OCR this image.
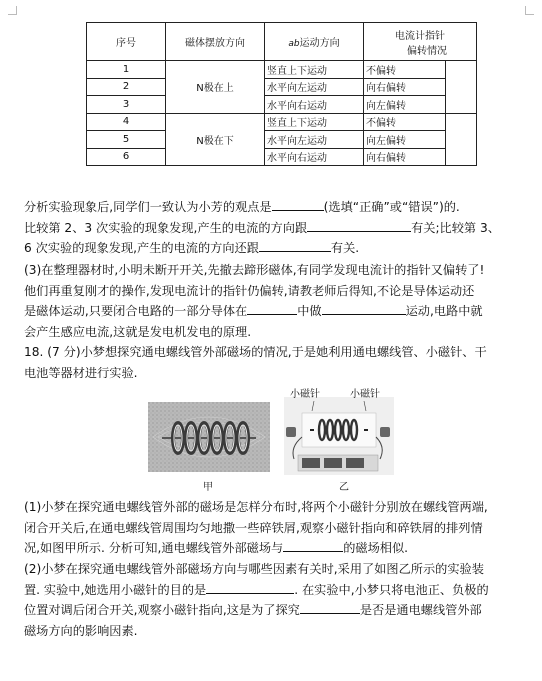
序号	磁体摆放方向	ab运动方向	电流计指针
偏转情况	

1	N极在上	竖直上下运动	不偏转	
2		水平向左运动	向右偏转	
3		水平向右运动	向左偏转	
4	N极在下	竖直上下运动	不偏转	
5		水平向左运动	向左偏转	
6		水平向右运动	向右偏转	
分析实验现象后,同学们一致认为小芳的观点是	(选填“正确”或“错误”)的.
比较第 2、3 次实验的现象发现,产生的电流的方向跟	有关;比较第 3、
6 次实验的现象发现,产生的电流的方向还跟	有关.
(3)在整理器材时,小明未断开开关,先撤去蹄形磁体,有同学发现电流计的指针又偏转了!
他们再重复刚才的操作,发现电流计的指针仍偏转,请教老师后得知,不论是导体运动还
是磁体运动,只要闭合电路的一部分导体在	中做	运动,电路中就
会产生感应电流,这就是发电机发电的原理.
18. (7 分)小梦想探究通电螺线管外部磁场的情况,于是她利用通电螺线管、小磁针、干
电池等器材进行实验.
甲
小磁针	小磁针
乙
(1)小梦在探究通电螺线管外部的磁场是怎样分布时,将两个小磁针分别放在螺线管两端,
闭合开关后,在通电螺线管周围均匀地撒一些碎铁屑,观察小磁针指向和碎铁屑的排列情
况,如图甲所示. 分析可知,通电螺线管外部磁场与	的磁场相似.
(2)小梦在探究通电螺线管外部磁场方向与哪些因素有关时,采用了如图乙所示的实验装
置. 实验中,她选用小磁针的目的是	. 在实验中,小梦只将电池正、负极的
位置对调后闭合开关,观察小磁针指向,这是为了探究	是否是通电螺线管外部
磁场方向的影响因素.
